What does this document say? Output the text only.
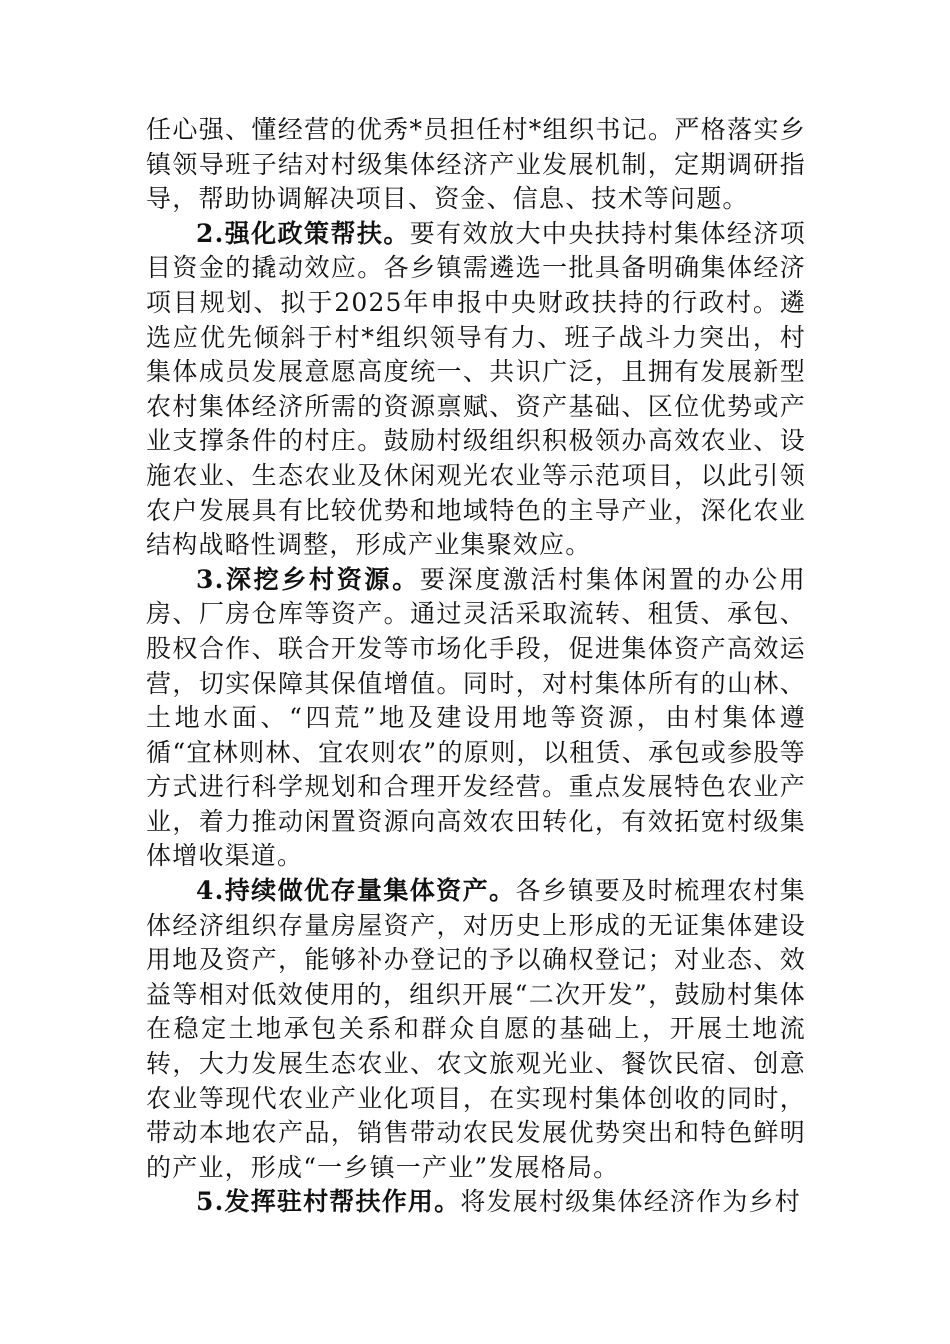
任心强、懂经营的优秀*员担任村*组织书记。严格落实乡镇领导班子结对村级集体经济产业发展机制，定期调研指导，帮助协调解决项目、资金、信息、技术等问题。

2.强化政策帮扶。要有效放大中央扶持村集体经济项目资金的撬动效应。各乡镇需遴选一批具备明确集体经济项目规划、拟于2025年申报中央财政扶持的行政村。遴选应优先倾斜于村*组织领导有力、班子战斗力突出，村集体成员发展意愿高度统一、共识广泛，且拥有发展新型农村集体经济所需的资源禀赋、资产基础、区位优势或产业支撑条件的村庄。鼓励村级组织积极领办高效农业、设施农业、生态农业及休闲观光农业等示范项目，以此引领农户发展具有比较优势和地域特色的主导产业，深化农业结构战略性调整，形成产业集聚效应。

3.深挖乡村资源。要深度激活村集体闲置的办公用房、厂房仓库等资产。通过灵活采取流转、租赁、承包、股权合作、联合开发等市场化手段，促进集体资产高效运营，切实保障其保值增值。同时，对村集体所有的山林、土地水面、“四荒”地及建设用地等资源，由村集体遵循“宜林则林、宜农则农”的原则，以租赁、承包或参股等方式进行科学规划和合理开发经营。重点发展特色农业产业，着力推动闲置资源向高效农田转化，有效拓宽村级集体增收渠道。

4.持续做优存量集体资产。各乡镇要及时梳理农村集体经济组织存量房屋资产，对历史上形成的无证集体建设用地及资产，能够补办登记的予以确权登记；对业态、效益等相对低效使用的，组织开展“二次开发”，鼓励村集体在稳定土地承包关系和群众自愿的基础上，开展土地流转，大力发展生态农业、农文旅观光业、餐饮民宿、创意农业等现代农业产业化项目，在实现村集体创收的同时，带动本地农产品，销售带动农民发展优势突出和特色鲜明的产业，形成“一乡镇一产业”发展格局。

5.发挥驻村帮扶作用。将发展村级集体经济作为乡村
